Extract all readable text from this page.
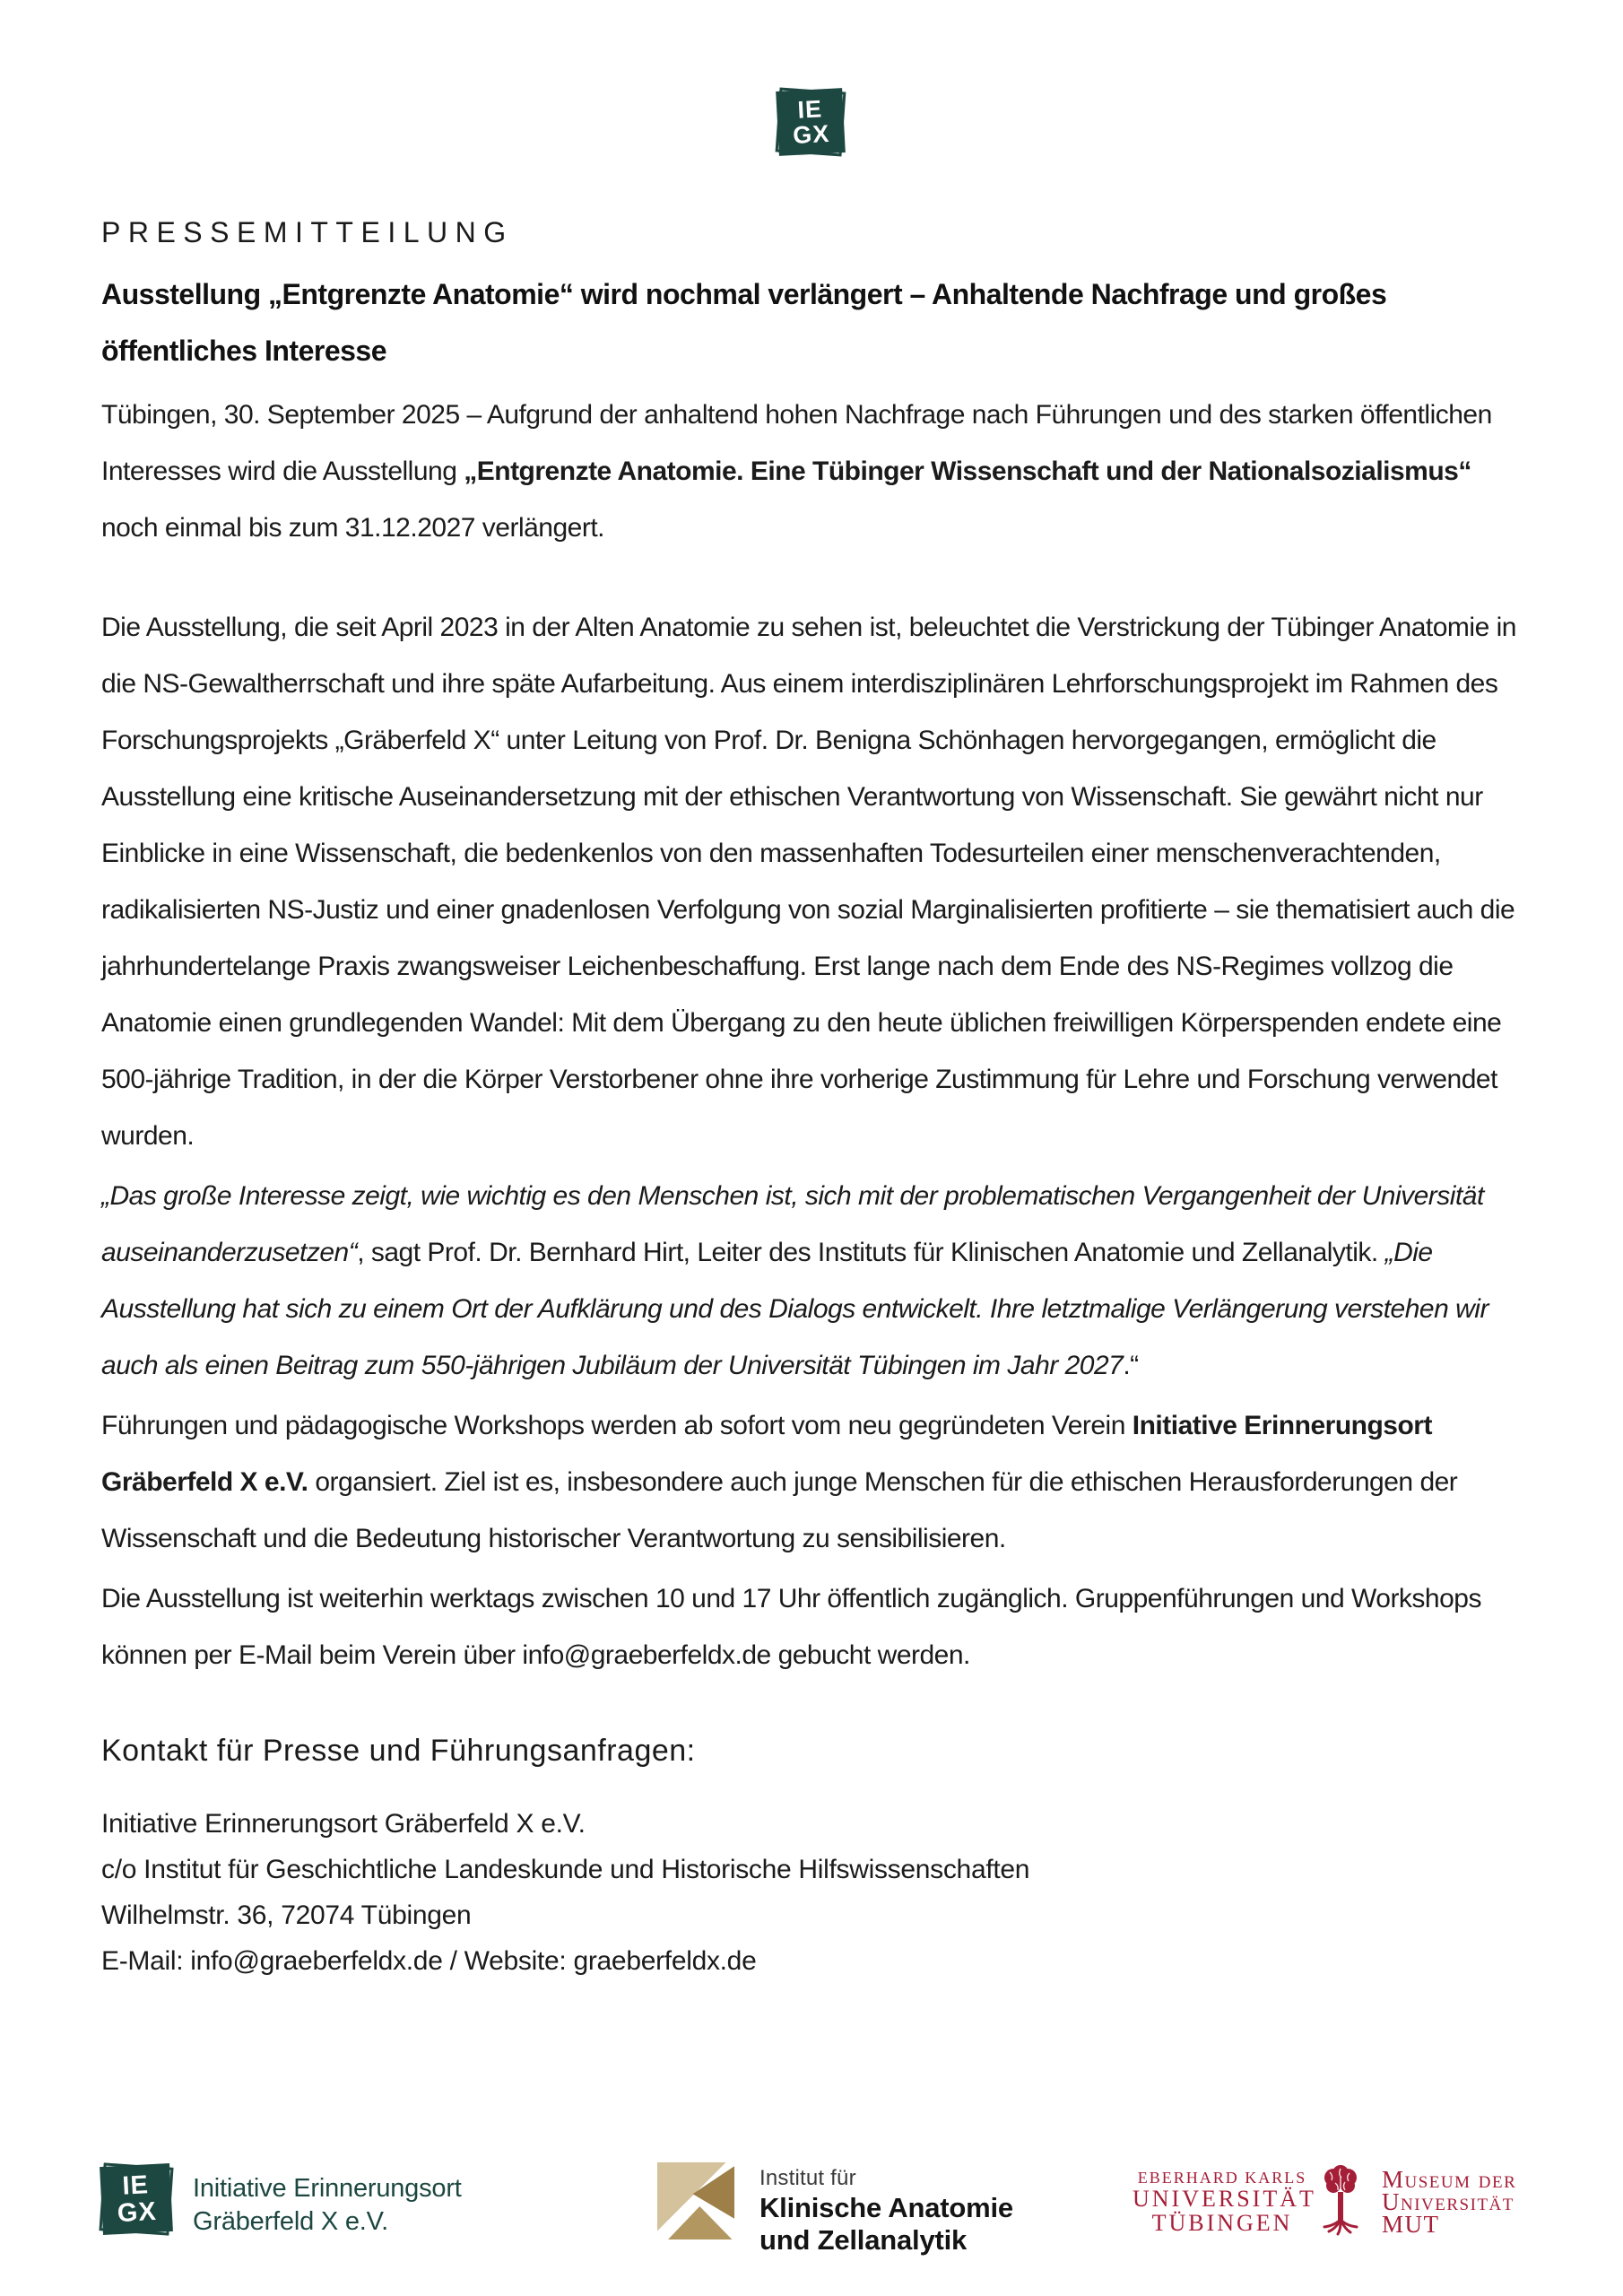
IE
GX
PRESSEMITTEILUNG
Ausstellung „Entgrenzte Anatomie“ wird nochmal verlängert – Anhaltende Nachfrage und großes öffentliches Interesse

Tübingen, 30. September 2025 – Aufgrund der anhaltend hohen Nachfrage nach Führungen und des starken öffentlichen Interesses wird die Ausstellung „Entgrenzte Anatomie. Eine Tübinger Wissenschaft und der Nationalsozialismus“ noch einmal bis zum 31.12.2027 verlängert.

Die Ausstellung, die seit April 2023 in der Alten Anatomie zu sehen ist, beleuchtet die Verstrickung der Tübinger Anatomie in die NS-Gewaltherrschaft und ihre späte Aufarbeitung. Aus einem interdisziplinären Lehrforschungsprojekt im Rahmen des Forschungsprojekts „Gräberfeld X“ unter Leitung von Prof. Dr. Benigna Schönhagen hervorgegangen, ermöglicht die Ausstellung eine kritische Auseinandersetzung mit der ethischen Verantwortung von Wissenschaft. Sie gewährt nicht nur Einblicke in eine Wissenschaft, die bedenkenlos von den massenhaften Todesurteilen einer menschenverachtenden, radikalisierten NS-Justiz und einer gnadenlosen Verfolgung von sozial Marginalisierten profitierte – sie thematisiert auch die jahrhundertelange Praxis zwangsweiser Leichenbeschaffung. Erst lange nach dem Ende des NS-Regimes vollzog die Anatomie einen grundlegenden Wandel: Mit dem Übergang zu den heute üblichen freiwilligen Körperspenden endete eine 500-jährige Tradition, in der die Körper Verstorbener ohne ihre vorherige Zustimmung für Lehre und Forschung verwendet wurden.

„Das große Interesse zeigt, wie wichtig es den Menschen ist, sich mit der problematischen Vergangenheit der Universität auseinanderzusetzen“, sagt Prof. Dr. Bernhard Hirt, Leiter des Instituts für Klinischen Anatomie und Zellanalytik. „Die Ausstellung hat sich zu einem Ort der Aufklärung und des Dialogs entwickelt. Ihre letztmalige Verlängerung verstehen wir auch als einen Beitrag zum 550-jährigen Jubiläum der Universität Tübingen im Jahr 2027.“

Führungen und pädagogische Workshops werden ab sofort vom neu gegründeten Verein Initiative Erinnerungsort Gräberfeld X e.V. organsiert. Ziel ist es, insbesondere auch junge Menschen für die ethischen Herausforderungen der Wissenschaft und die Bedeutung historischer Verantwortung zu sensibilisieren.

Die Ausstellung ist weiterhin werktags zwischen 10 und 17 Uhr öffentlich zugänglich. Gruppenführungen und Workshops können per E-Mail beim Verein über info@graeberfeldx.de gebucht werden.

Kontakt für Presse und Führungsanfragen:
Initiative Erinnerungsort Gräberfeld X e.V.
c/o Institut für Geschichtliche Landeskunde und Historische Hilfswissenschaften
Wilhelmstr. 36, 72074 Tübingen
E-Mail: info@graeberfeldx.de / Website: graeberfeldx.de
IE
GX
Initiative Erinnerungsort
Gräberfeld X e.V.
Institut für
Klinische Anatomie
und Zellanalytik
EBERHARD KARLS
UNIVERSITÄT
TÜBINGEN
Museum der
Universität
MUT
